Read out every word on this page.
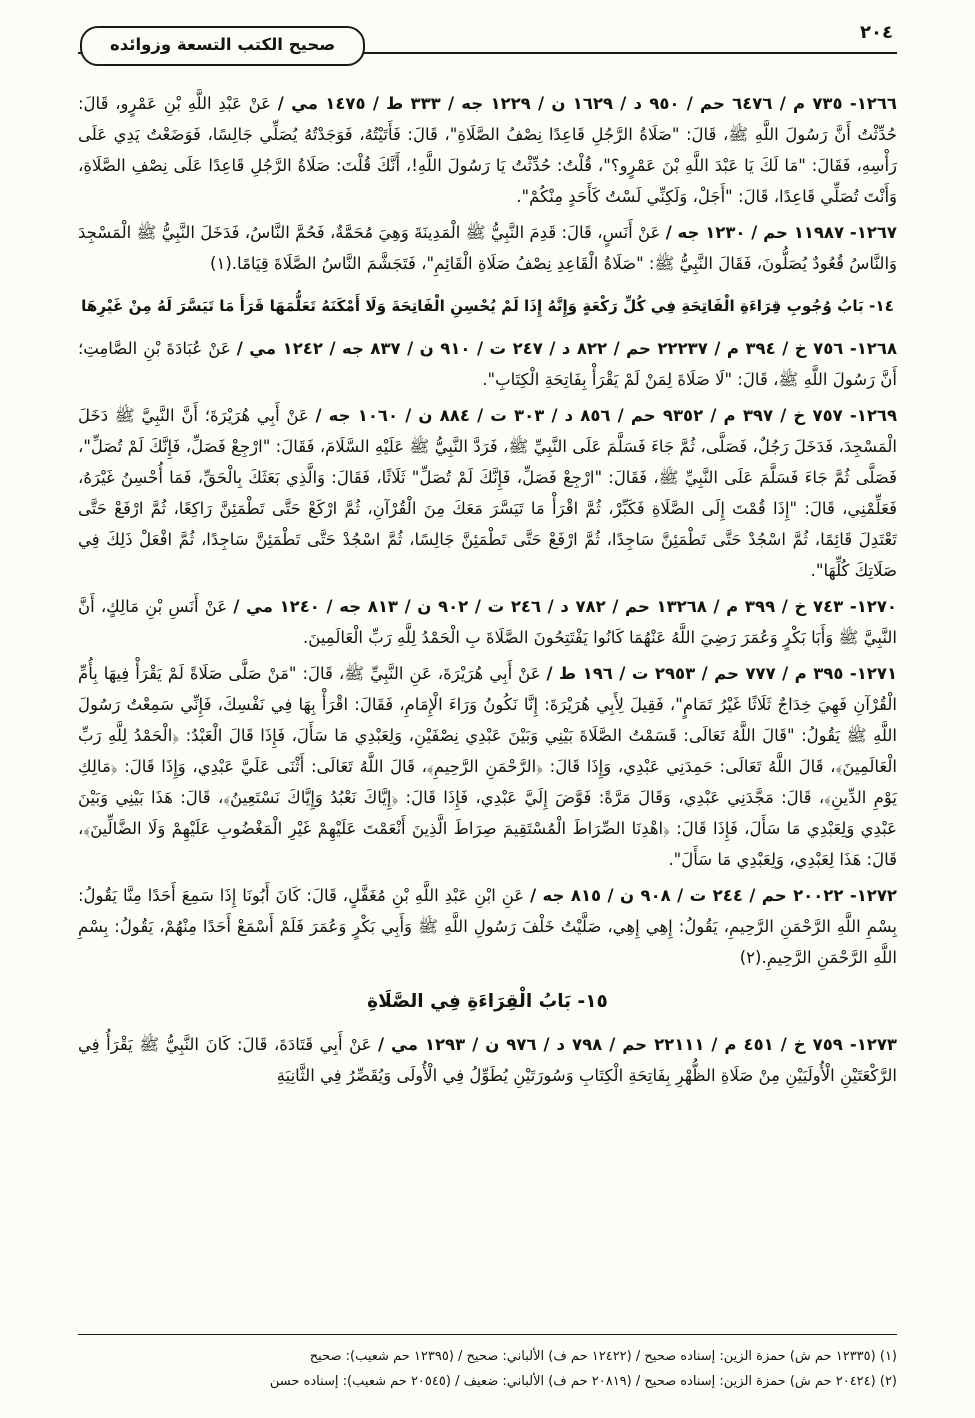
صحيح الكتب التسعة وزوائده
٢٠٤

١٢٦٦- ٧٣٥ م / ٦٤٧٦ حم / ٩٥٠ د / ١٦٢٩ ن / ١٢٢٩ جه / ٣٣٣ ط / ١٤٧٥ مي / عَنْ عَبْدِ اللَّهِ بْنِ عَمْرٍو، قَالَ: حُدِّثْتُ أَنَّ رَسُولَ اللَّهِ ﷺ، قَالَ: "صَلَاةُ الرَّجُلِ قَاعِدًا نِصْفُ الصَّلَاةِ"، قَالَ: فَأَتَيْتُهُ، فَوَجَدْتُهُ يُصَلِّي جَالِسًا، فَوَضَعْتُ يَدِي عَلَى رَأْسِهِ، فَقَالَ: "مَا لَكَ يَا عَبْدَ اللَّهِ بْنَ عَمْرٍو؟"، قُلْتُ: حُدِّثْتُ يَا رَسُولَ اللَّهِ!، أَنَّكَ قُلْتَ: صَلَاةُ الرَّجُلِ قَاعِدًا عَلَى نِصْفِ الصَّلَاةِ، وَأَنْتَ تُصَلِّي قَاعِدًا، قَالَ: "أَجَلْ، وَلَكِنِّي لَسْتُ كَأَحَدٍ مِنْكُمْ".

١٢٦٧- ١١٩٨٧ حم / ١٢٣٠ جه / عَنْ أَنَسٍ، قَالَ: قَدِمَ النَّبِيُّ ﷺ الْمَدِينَةَ وَهِيَ مُحَمَّةٌ، فَحُمَّ النَّاسُ، فَدَخَلَ النَّبِيُّ ﷺ الْمَسْجِدَ وَالنَّاسُ قُعُودٌ يُصَلُّونَ، فَقَالَ النَّبِيُّ ﷺ: "صَلَاةُ الْقَاعِدِ نِصْفُ صَلَاةِ الْقَائِمِ"، فَتَجَشَّمَ النَّاسُ الصَّلَاةَ قِيَامًا.(١)

١٤- بَابُ وُجُوبِ قِرَاءَةِ الْفَاتِحَةِ فِي كُلِّ رَكْعَةٍ وَإِنَّهُ إِذَا لَمْ يُحْسِنِ الْفَاتِحَةَ وَلَا أَمْكَنَهُ تَعَلُّمَهَا قَرَأَ مَا تَيَسَّرَ لَهُ مِنْ غَيْرِهَا

١٢٦٨- ٧٥٦ خ / ٣٩٤ م / ٢٢٢٣٧ حم / ٨٢٢ د / ٢٤٧ ت / ٩١٠ ن / ٨٣٧ جه / ١٢٤٢ مي / عَنْ عُبَادَةَ بْنِ الصَّامِتِ؛ أَنَّ رَسُولَ اللَّهِ ﷺ، قَالَ: "لَا صَلَاةَ لِمَنْ لَمْ يَقْرَأْ بِفَاتِحَةِ الْكِتَابِ".

١٢٦٩- ٧٥٧ خ / ٣٩٧ م / ٩٣٥٢ حم / ٨٥٦ د / ٣٠٣ ت / ٨٨٤ ن / ١٠٦٠ جه / عَنْ أَبِي هُرَيْرَةَ؛ أَنَّ النَّبِيَّ ﷺ دَخَلَ الْمَسْجِدَ، فَدَخَلَ رَجُلٌ، فَصَلَّى، ثُمَّ جَاءَ فَسَلَّمَ عَلَى النَّبِيِّ ﷺ، فَرَدَّ النَّبِيُّ ﷺ عَلَيْهِ السَّلَامَ، فَقَالَ: "ارْجِعْ فَصَلِّ، فَإِنَّكَ لَمْ تُصَلِّ"، فَصَلَّى ثُمَّ جَاءَ فَسَلَّمَ عَلَى النَّبِيِّ ﷺ، فَقَالَ: "ارْجِعْ فَصَلِّ، فَإِنَّكَ لَمْ تُصَلِّ" ثَلَاثًا، فَقَالَ: وَالَّذِي بَعَثَكَ بِالْحَقِّ، فَمَا أُحْسِنُ غَيْرَهُ، فَعَلِّمْنِي، قَالَ: "إِذَا قُمْتَ إِلَى الصَّلَاةِ فَكَبِّرْ، ثُمَّ اقْرَأْ مَا تَيَسَّرَ مَعَكَ مِنَ الْقُرْآنِ، ثُمَّ ارْكَعْ حَتَّى تَطْمَئِنَّ رَاكِعًا، ثُمَّ ارْفَعْ حَتَّى تَعْتَدِلَ قَائِمًا، ثُمَّ اسْجُدْ حَتَّى تَطْمَئِنَّ سَاجِدًا، ثُمَّ ارْفَعْ حَتَّى تَطْمَئِنَّ جَالِسًا، ثُمَّ اسْجُدْ حَتَّى تَطْمَئِنَّ سَاجِدًا، ثُمَّ افْعَلْ ذَلِكَ فِي صَلَاتِكَ كُلِّهَا".

١٢٧٠- ٧٤٣ خ / ٣٩٩ م / ١٣٢٦٨ حم / ٧٨٢ د / ٢٤٦ ت / ٩٠٢ ن / ٨١٣ جه / ١٢٤٠ مي / عَنْ أَنَسِ بْنِ مَالِكٍ، أَنَّ النَّبِيَّ ﷺ وَأَبَا بَكْرٍ وَعُمَرَ رَضِيَ اللَّهُ عَنْهُمَا كَانُوا يَفْتَتِحُونَ الصَّلَاةَ بِ الْحَمْدُ لِلَّهِ رَبِّ الْعَالَمِينَ.

١٢٧١- ٣٩٥ م / ٧٧٧ حم / ٢٩٥٣ ت / ١٩٦ ط / عَنْ أَبِي هُرَيْرَةَ، عَنِ النَّبِيِّ ﷺ، قَالَ: "مَنْ صَلَّى صَلَاةً لَمْ يَقْرَأْ فِيهَا بِأُمِّ الْقُرْآنِ فَهِيَ خِدَاجٌ ثَلَاثًا غَيْرُ تَمَامٍ"، فَقِيلَ لِأَبِي هُرَيْرَةَ: إِنَّا نَكُونُ وَرَاءَ الْإِمَامِ، فَقَالَ: اقْرَأْ بِهَا فِي نَفْسِكَ، فَإِنِّي سَمِعْتُ رَسُولَ اللَّهِ ﷺ يَقُولُ: "قَالَ اللَّهُ تَعَالَى: قَسَمْتُ الصَّلَاةَ بَيْنِي وَبَيْنَ عَبْدِي نِصْفَيْنِ، وَلِعَبْدِي مَا سَأَلَ، فَإِذَا قَالَ الْعَبْدُ: ﴿الْحَمْدُ لِلَّهِ رَبِّ الْعَالَمِينَ﴾، قَالَ اللَّهُ تَعَالَى: حَمِدَنِي عَبْدِي، وَإِذَا قَالَ: ﴿الرَّحْمَنِ الرَّحِيمِ﴾، قَالَ اللَّهُ تَعَالَى: أَثْنَى عَلَيَّ عَبْدِي، وَإِذَا قَالَ: ﴿مَالِكِ يَوْمِ الدِّينِ﴾، قَالَ: مَجَّدَنِي عَبْدِي، وَقَالَ مَرَّةً: فَوَّضَ إِلَيَّ عَبْدِي، فَإِذَا قَالَ: ﴿إِيَّاكَ نَعْبُدُ وَإِيَّاكَ نَسْتَعِينُ﴾، قَالَ: هَذَا بَيْنِي وَبَيْنَ عَبْدِي وَلِعَبْدِي مَا سَأَلَ، فَإِذَا قَالَ: ﴿اهْدِنَا الصِّرَاطَ الْمُسْتَقِيمَ صِرَاطَ الَّذِينَ أَنْعَمْتَ عَلَيْهِمْ غَيْرِ الْمَغْضُوبِ عَلَيْهِمْ وَلَا الضَّالِّينَ﴾، قَالَ: هَذَا لِعَبْدِي، وَلِعَبْدِي مَا سَأَلَ".

١٢٧٢- ٢٠٠٢٢ حم / ٢٤٤ ت / ٩٠٨ ن / ٨١٥ جه / عَنِ ابْنِ عَبْدِ اللَّهِ بْنِ مُغَفَّلٍ، قَالَ: كَانَ أَبُونَا إِذَا سَمِعَ أَحَدًا مِنَّا يَقُولُ: بِسْمِ اللَّهِ الرَّحْمَنِ الرَّحِيمِ، يَقُولُ: إِهِي إِهِي، صَلَّيْتُ خَلْفَ رَسُولِ اللَّهِ ﷺ وَأَبِي بَكْرٍ وَعُمَرَ فَلَمْ أَسْمَعْ أَحَدًا مِنْهُمْ، يَقُولُ: بِسْمِ اللَّهِ الرَّحْمَنِ الرَّحِيمِ.(٢)

١٥- بَابُ الْقِرَاءَةِ فِي الصَّلَاةِ

١٢٧٣- ٧٥٩ خ / ٤٥١ م / ٢٢١١١ حم / ٧٩٨ د / ٩٧٦ ن / ١٢٩٣ مي / عَنْ أَبِي قَتَادَةَ، قَالَ: كَانَ النَّبِيُّ ﷺ يَقْرَأُ فِي الرَّكْعَتَيْنِ الْأُولَيَيْنِ مِنْ صَلَاةِ الظُّهْرِ بِفَاتِحَةِ الْكِتَابِ وَسُورَتَيْنِ يُطَوِّلُ فِي الْأُولَى وَيُقَصِّرُ فِي الثَّانِيَةِ

(١) (١٢٣٣٥ حم ش) حمزة الزين: إسناده صحيح / (١٢٤٢٢ حم ف) الألباني: صحيح / (١٢٣٩٥ حم شعيب): صحيح

(٢) (٢٠٤٢٤ حم ش) حمزة الزين: إسناده صحيح / (٢٠٨١٩ حم ف) الألباني: ضعيف / (٢٠٥٤٥ حم شعيب): إسناده حسن
